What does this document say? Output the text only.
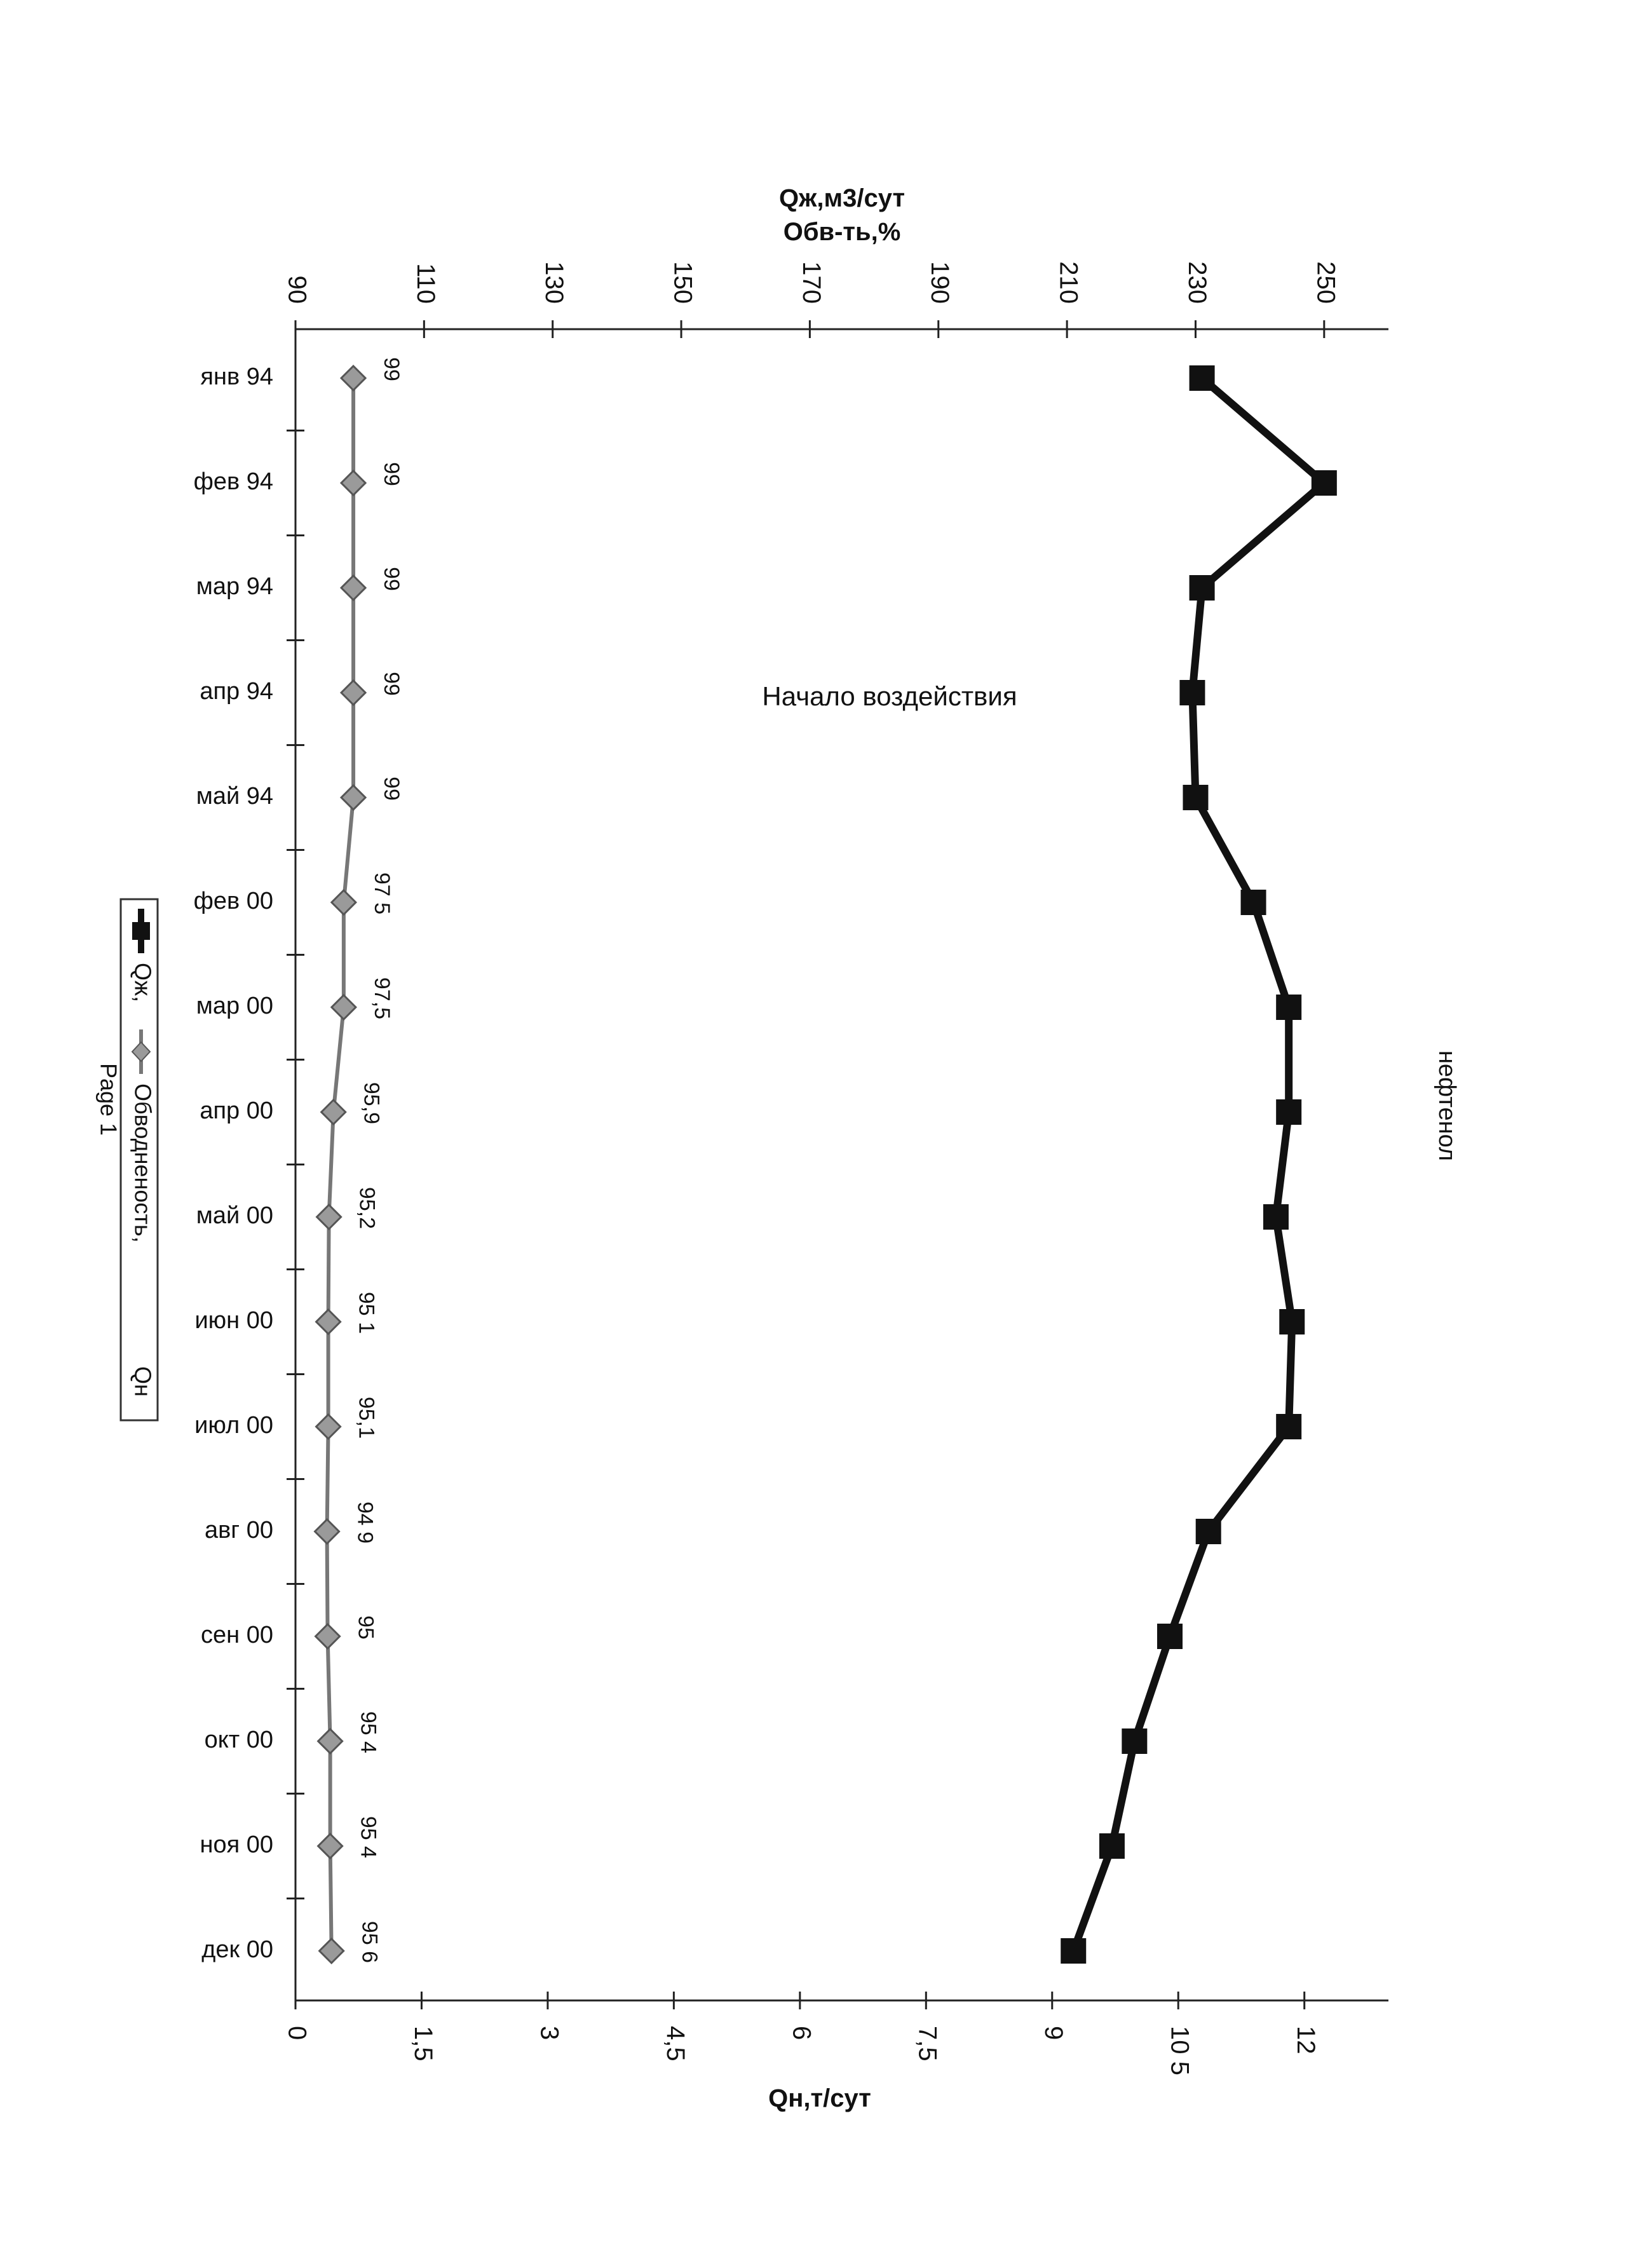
90	110	130	150	170	190	210	230	250
0	1,5	3	4,5	6	7,5	9	10 5	12
Qж,м3/сут
Обв-ть,%
Qн,т/сут
янв 94
фев 94
мар 94
апр 94
май 94
фев 00
мар 00
апр 00
май 00
июн 00
июл 00
авг 00
сен 00
окт 00
ноя 00
дек 00
99
99
99
99
99
97 5
97,5
95,9
95,2
95 1
95,1
94 9
95
95 4
95 4
95 6
Начало воздействия
нефтенол
Qж,
Обводненость,
Qн
Page 1
